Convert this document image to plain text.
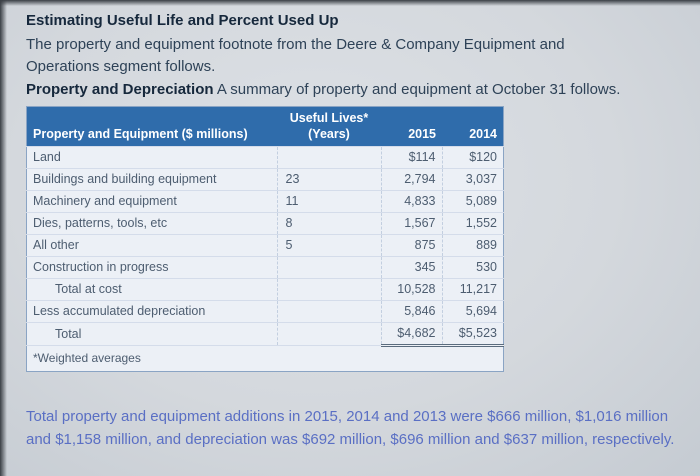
Estimating Useful Life and Percent Used Up

The property and equipment footnote from the Deere & Company Equipment and Operations segment follows.

Property and Depreciation A summary of property and equipment at October 31 follows.

	Useful Lives*		
Property and Equipment ($ millions)	(Years)	2015	2014
Land		$114	$120
Buildings and building equipment	23	2,794	3,037
Machinery and equipment	11	4,833	5,089
Dies, patterns, tools, etc	8	1,567	1,552
All other	5	875	889
Construction in progress		345	530
Total at cost		10,528	11,217
Less accumulated depreciation		5,846	5,694
Total		$4,682	$5,523
*Weighted averages			

Total property and equipment additions in 2015, 2014 and 2013 were $666 million, $1,016 million and $1,158 million, and depreciation was $692 million, $696 million and $637 million, respectively.
